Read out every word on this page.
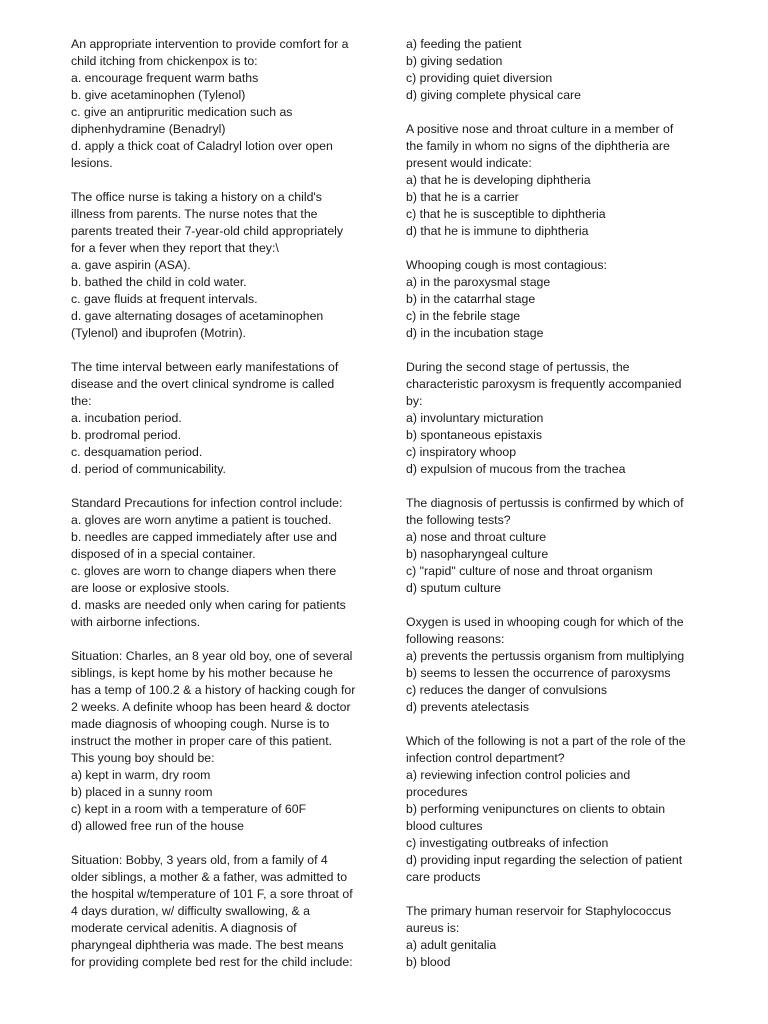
An appropriate intervention to provide comfort for a
child itching from chickenpox is to:
a. encourage frequent warm baths
b. give acetaminophen (Tylenol)
c. give an antipruritic medication such as
diphenhydramine (Benadryl)
d. apply a thick coat of Caladryl lotion over open
lesions.
The office nurse is taking a history on a child's
illness from parents. The nurse notes that the
parents treated their 7-year-old child appropriately
for a fever when they report that they:\
a. gave aspirin (ASA).
b. bathed the child in cold water.
c. gave fluids at frequent intervals.
d. gave alternating dosages of acetaminophen
(Tylenol) and ibuprofen (Motrin).
The time interval between early manifestations of
disease and the overt clinical syndrome is called
the:
a. incubation period.
b. prodromal period.
c. desquamation period.
d. period of communicability.
Standard Precautions for infection control include:
a. gloves are worn anytime a patient is touched.
b. needles are capped immediately after use and
disposed of in a special container.
c. gloves are worn to change diapers when there
are loose or explosive stools.
d. masks are needed only when caring for patients
with airborne infections.
Situation: Charles, an 8 year old boy, one of several
siblings, is kept home by his mother because he
has a temp of 100.2 & a history of hacking cough for
2 weeks. A definite whoop has been heard & doctor
made diagnosis of whooping cough. Nurse is to
instruct the mother in proper care of this patient.
This young boy should be:
a) kept in warm, dry room
b) placed in a sunny room
c) kept in a room with a temperature of 60F
d) allowed free run of the house
Situation: Bobby, 3 years old, from a family of 4
older siblings, a mother & a father, was admitted to
the hospital w/temperature of 101 F, a sore throat of
4 days duration, w/ difficulty swallowing, & a
moderate cervical adenitis. A diagnosis of
pharyngeal diphtheria was made. The best means
for providing complete bed rest for the child include:
a) feeding the patient
b) giving sedation
c) providing quiet diversion
d) giving complete physical care
A positive nose and throat culture in a member of
the family in whom no signs of the diphtheria are
present would indicate:
a) that he is developing diphtheria
b) that he is a carrier
c) that he is susceptible to diphtheria
d) that he is immune to diphtheria
Whooping cough is most contagious:
a) in the paroxysmal stage
b) in the catarrhal stage
c) in the febrile stage
d) in the incubation stage
During the second stage of pertussis, the
characteristic paroxysm is frequently accompanied
by:
a) involuntary micturation
b) spontaneous epistaxis
c) inspiratory whoop
d) expulsion of mucous from the trachea
The diagnosis of pertussis is confirmed by which of
the following tests?
a) nose and throat culture
b) nasopharyngeal culture
c) "rapid" culture of nose and throat organism
d) sputum culture
Oxygen is used in whooping cough for which of the
following reasons:
a) prevents the pertussis organism from multiplying
b) seems to lessen the occurrence of paroxysms
c) reduces the danger of convulsions
d) prevents atelectasis
Which of the following is not a part of the role of the
infection control department?
a) reviewing infection control policies and
procedures
b) performing venipunctures on clients to obtain
blood cultures
c) investigating outbreaks of infection
d) providing input regarding the selection of patient
care products
The primary human reservoir for Staphylococcus
aureus is:
a) adult genitalia
b) blood
